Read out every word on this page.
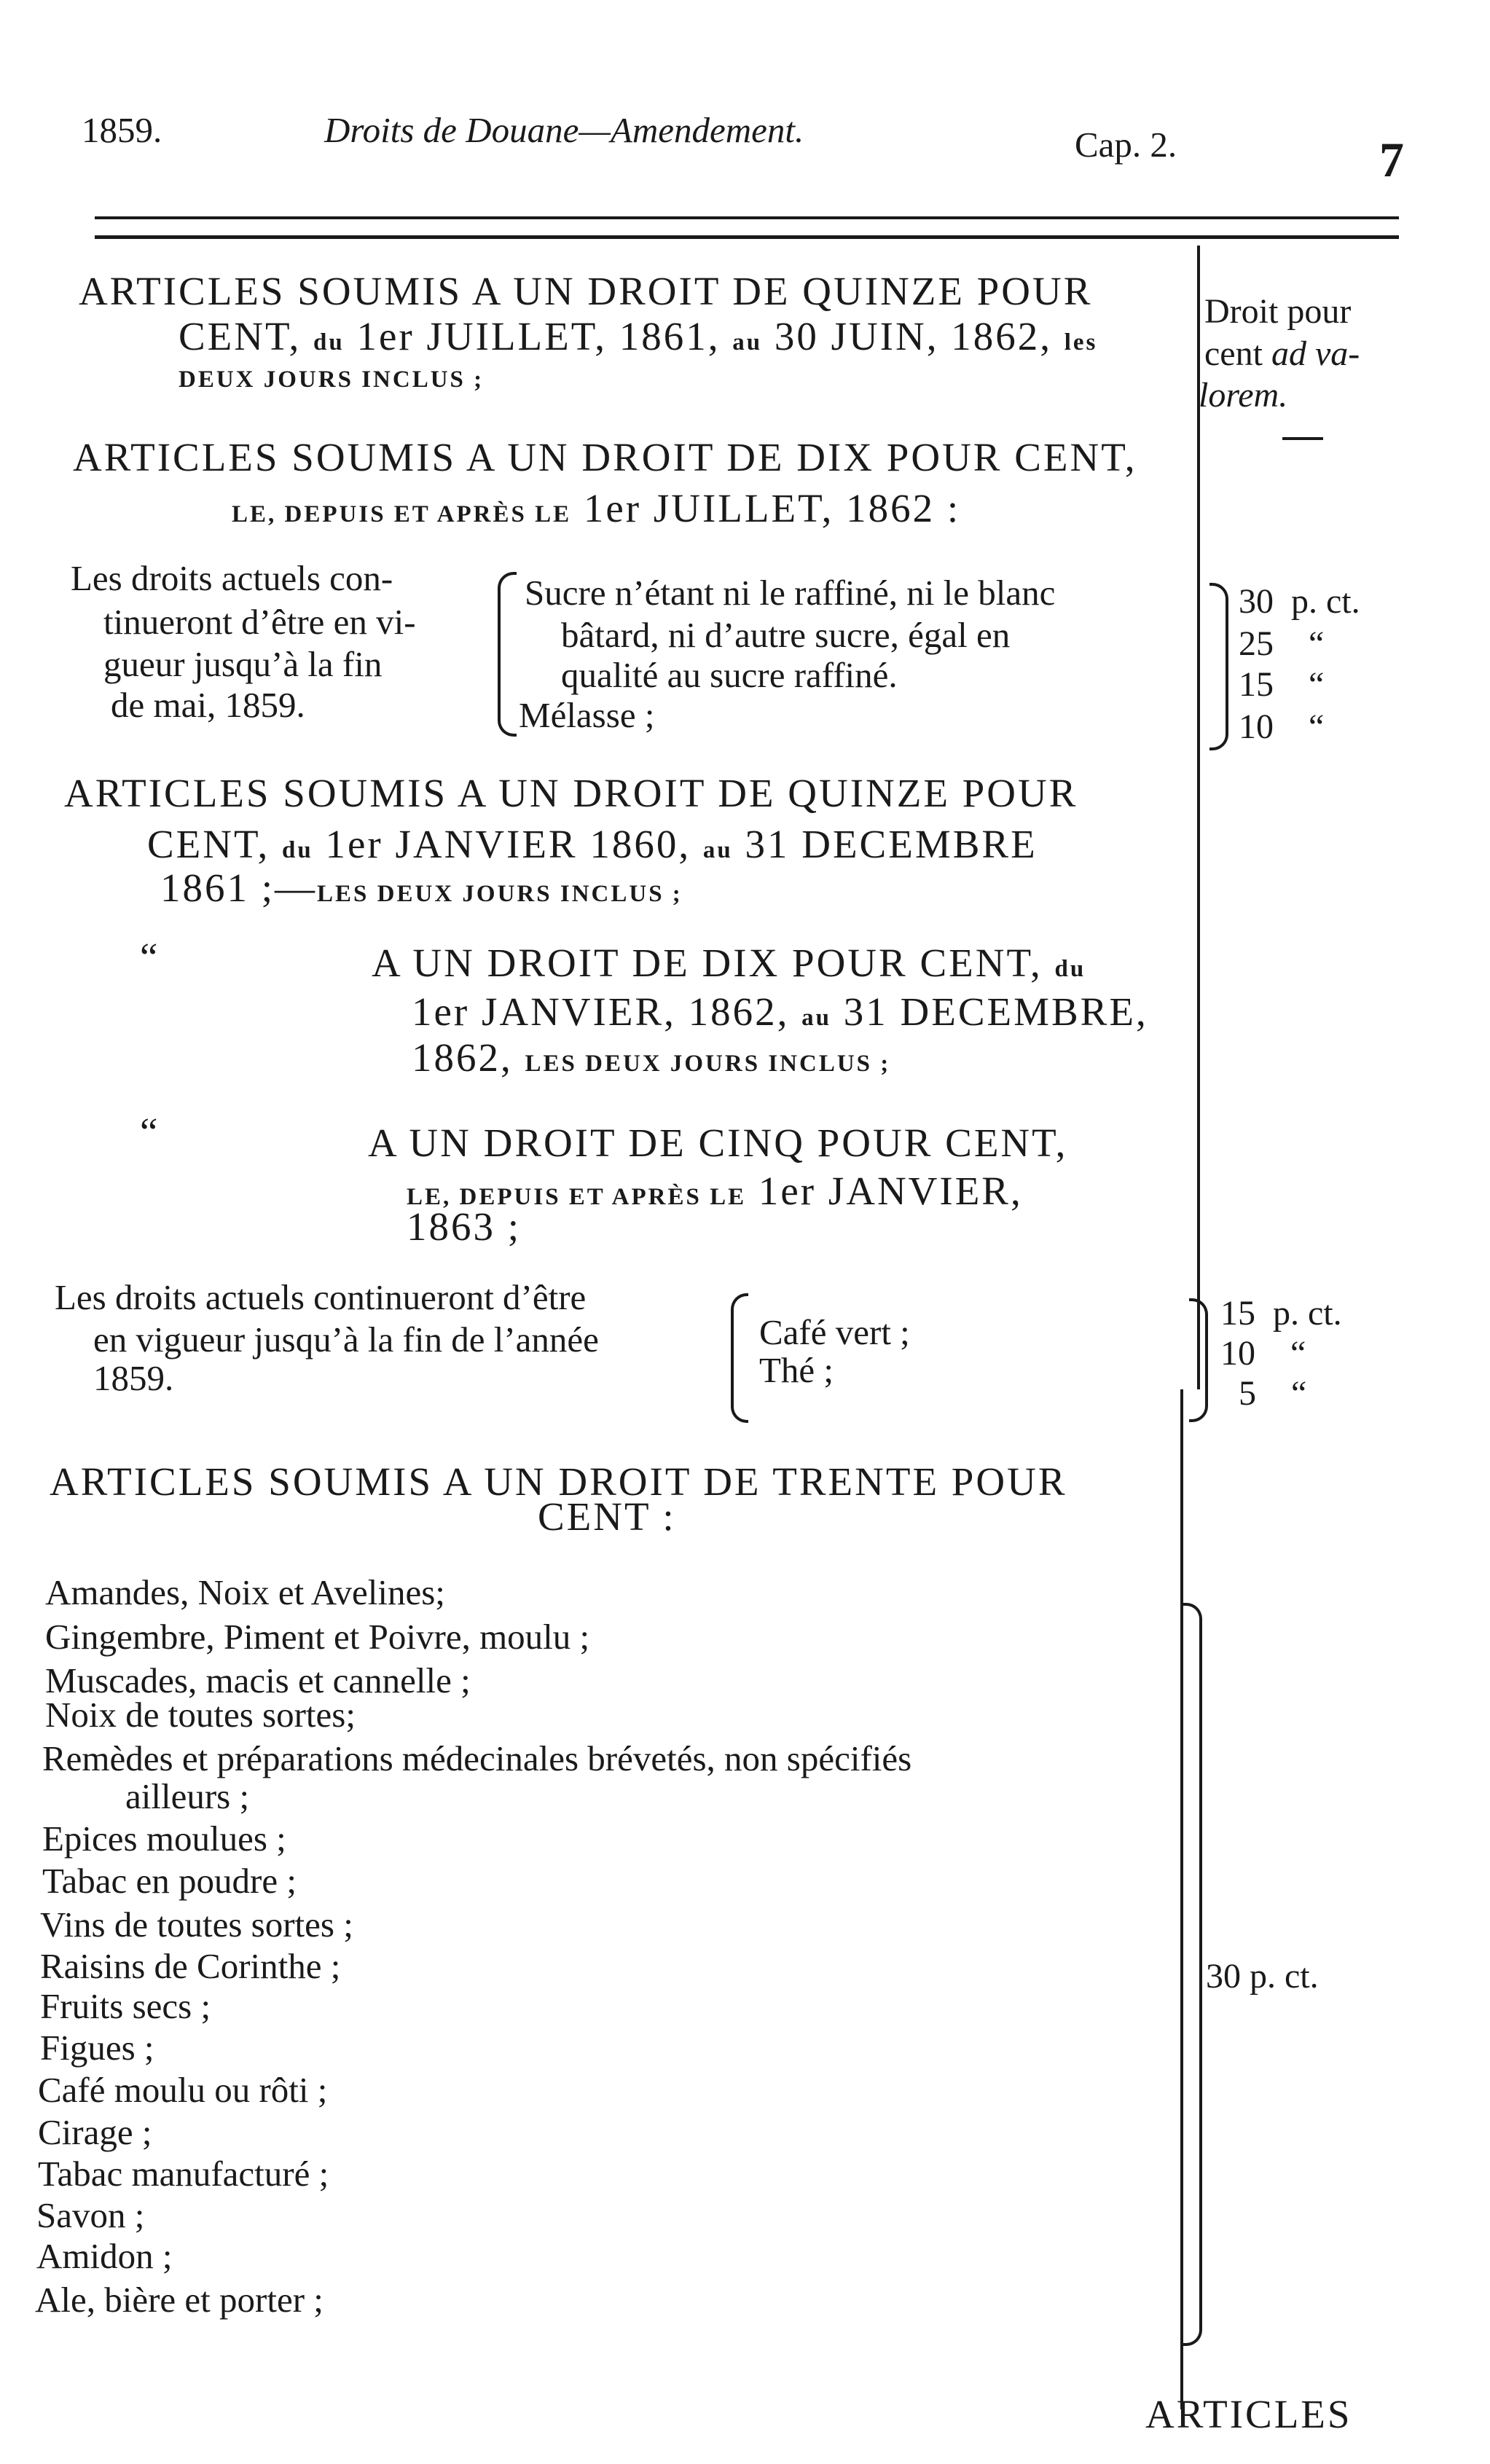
1859.	Droits de Douane—Amendement.	Cap. 2.	7
Droit pour
cent ad va-
lorem.
ARTICLES SOUMIS A UN DROIT DE QUINZE POUR
CENT, du 1er JUILLET, 1861, au 30 JUIN, 1862, les
DEUX JOURS INCLUS ;
ARTICLES SOUMIS A UN DROIT DE DIX POUR CENT,
LE, DEPUIS ET APRÈS LE 1er JUILLET, 1862 :
Les droits actuels con-
tinueront d’être en vi-
gueur jusqu’à la fin
de mai, 1859.
Sucre n’étant ni le raffiné, ni le blanc
bâtard, ni d’autre sucre, égal en
qualité au sucre raffiné.
Mélasse ;
30 p. ct.
25 “
15 “
10 “
ARTICLES SOUMIS A UN DROIT DE QUINZE POUR
CENT, du 1er JANVIER 1860, au 31 DECEMBRE
1861 ;—LES DEUX JOURS INCLUS ;
“	A UN DROIT DE DIX POUR CENT, du
1er JANVIER, 1862, au 31 DECEMBRE,
1862, LES DEUX JOURS INCLUS ;
“	A UN DROIT DE CINQ POUR CENT,
LE, DEPUIS ET APRÈS LE 1er JANVIER,
1863 ;
Les droits actuels continueront d’être
en vigueur jusqu’à la fin de l’année
1859.
Café vert ;
Thé ;
15 p. ct.
10 “
5 “
ARTICLES SOUMIS A UN DROIT DE TRENTE POUR
CENT :
Amandes, Noix et Avelines;
Gingembre, Piment et Poivre, moulu ;
Muscades, macis et cannelle ;
Noix de toutes sortes;
Remèdes et préparations médecinales brévetés, non spécifiés
ailleurs ;
Epices moulues ;
Tabac en poudre ;
Vins de toutes sortes ;
Raisins de Corinthe ;
Fruits secs ;
Figues ;
Café moulu ou rôti ;
Cirage ;
Tabac manufacturé ;
Savon ;
Amidon ;
Ale, bière et porter ;
30 p. ct.
ARTICLES
